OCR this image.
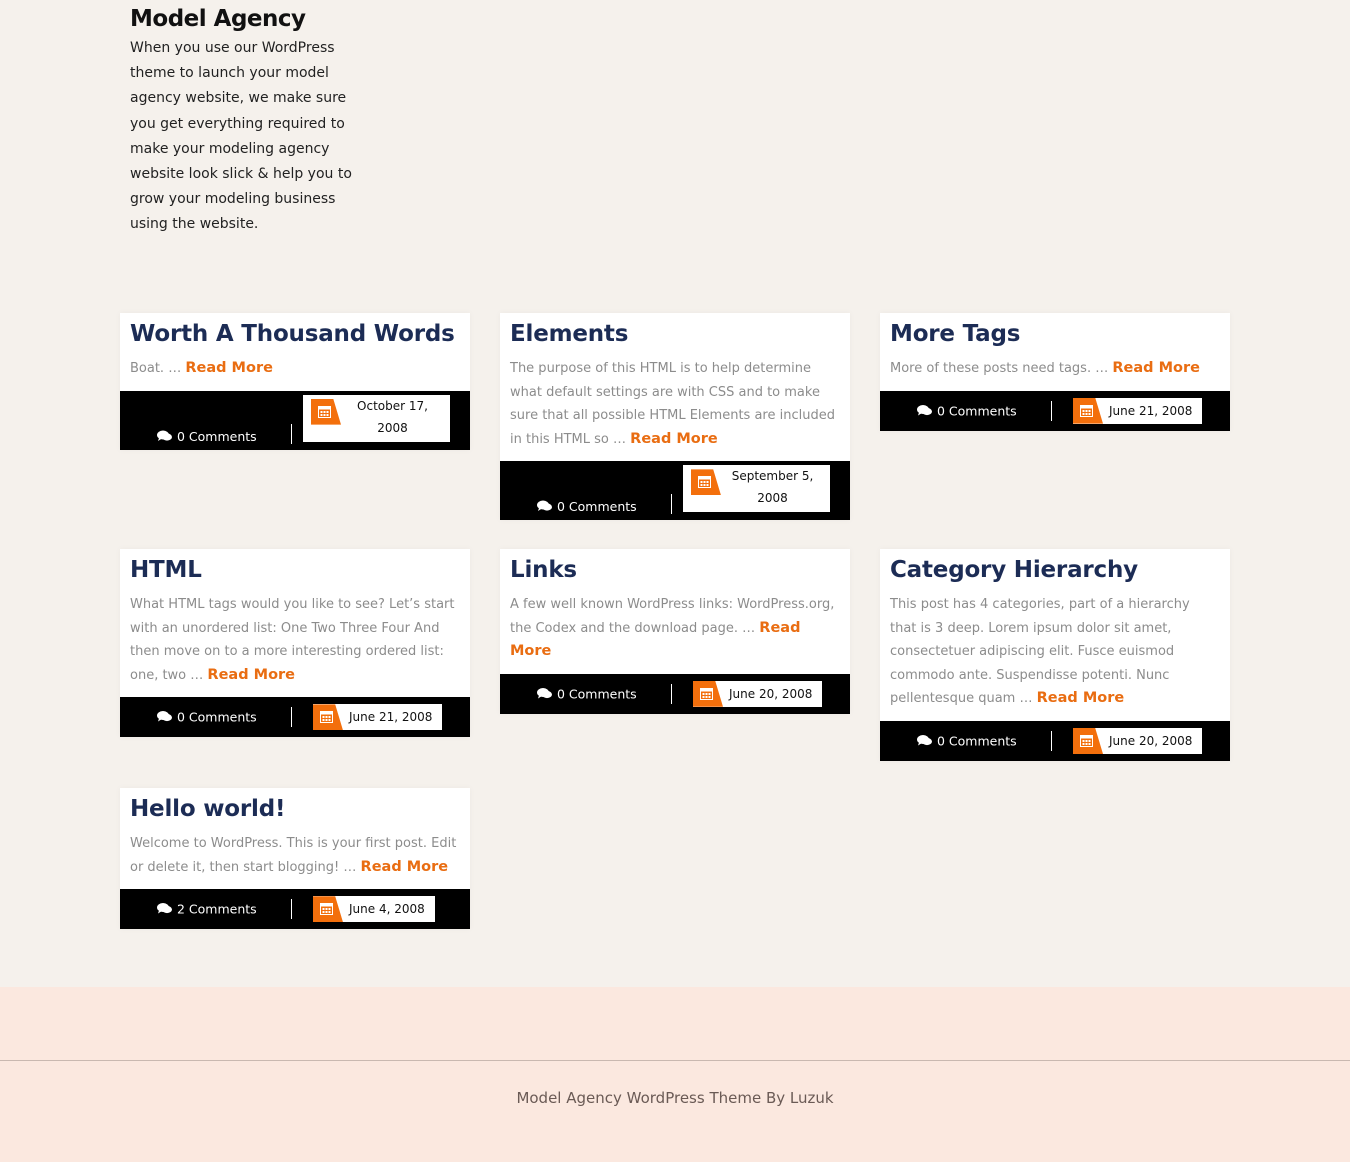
Model Agency

When you use our WordPress theme to launch your model agency website, we make sure you get everything required to make your modeling agency website look slick & help you to grow your modeling business using the website.

Worth A Thousand Words

Boat. … Read More

0 Comments
October 17, 2008
Elements

The purpose of this HTML is to help determine what default settings are with CSS and to make sure that all possible HTML Elements are included in this HTML so … Read More

0 Comments
September 5, 2008
More Tags

More of these posts need tags. … Read More

0 Comments	June 21, 2008
HTML

What HTML tags would you like to see? Let’s start with an unordered list: One Two Three Four And then move on to a more interesting ordered list: one, two … Read More

0 Comments	June 21, 2008
Links

A few well known WordPress links: WordPress.org, the Codex and the download page. … Read More

0 Comments	June 20, 2008
Category Hierarchy

This post has 4 categories, part of a hierarchy that is 3 deep. Lorem ipsum dolor sit amet, consectetuer adipiscing elit. Fusce euismod commodo ante. Suspendisse potenti. Nunc pellentesque quam … Read More

0 Comments	June 20, 2008
Hello world!

Welcome to WordPress. This is your first post. Edit or delete it, then start blogging! … Read More

2 Comments	June 4, 2008
Model Agency WordPress Theme By Luzuk
